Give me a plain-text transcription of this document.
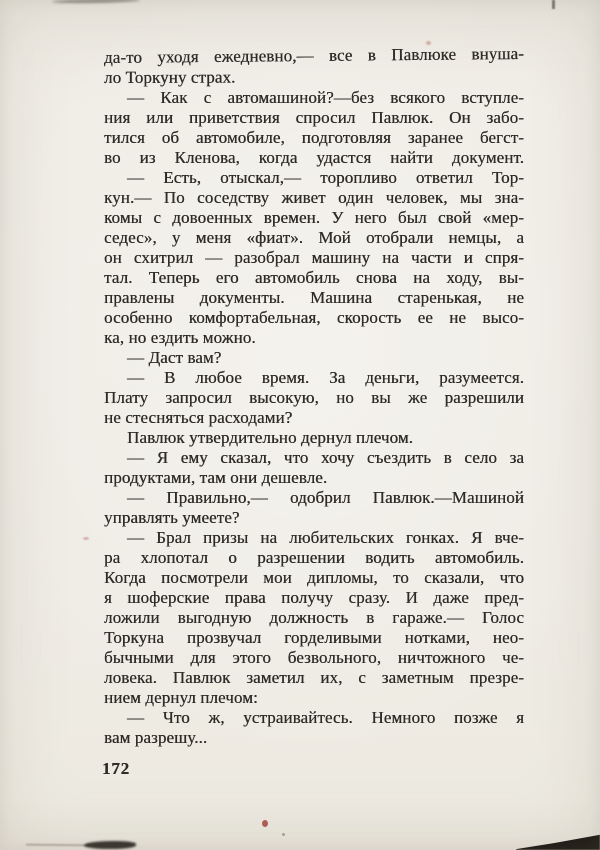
да-то уходя ежедневно,— все в Павлюке внуша-
ло Торкуну страх.
— Как с автомашиной?—без всякого вступле-
ния или приветствия спросил Павлюк. Он забо-
тился об автомобиле, подготовляя заранее бегст-
во из Кленова, когда удастся найти документ.
— Есть, отыскал,— торопливо ответил Тор-
кун.— По соседству живет один человек, мы зна-
комы с довоенных времен. У него был свой «мер-
седес», у меня «фиат». Мой отобрали немцы, а
он схитрил — разобрал машину на части и спря-
тал. Теперь его автомобиль снова на ходу, вы-
правлены документы. Машина старенькая, не
особенно комфортабельная, скорость ее не высо-
ка, но ездить можно.
— Даст вам?
— В любое время. За деньги, разумеется.
Плату запросил высокую, но вы же разрешили
не стесняться расходами?
Павлюк утвердительно дернул плечом.
— Я ему сказал, что хочу съездить в село за
продуктами, там они дешевле.
— Правильно,— одобрил Павлюк.—Машиной
управлять умеете?
— Брал призы на любительских гонках. Я вче-
ра хлопотал о разрешении водить автомобиль.
Когда посмотрели мои дипломы, то сказали, что
я шоферские права получу сразу. И даже пред-
ложили выгодную должность в гараже.— Голос
Торкуна прозвучал горделивыми нотками, нео-
бычными для этого безвольного, ничтожного че-
ловека. Павлюк заметил их, с заметным презре-
нием дернул плечом:
— Что ж, устраивайтесь. Немного позже я
вам разрешу...
172
